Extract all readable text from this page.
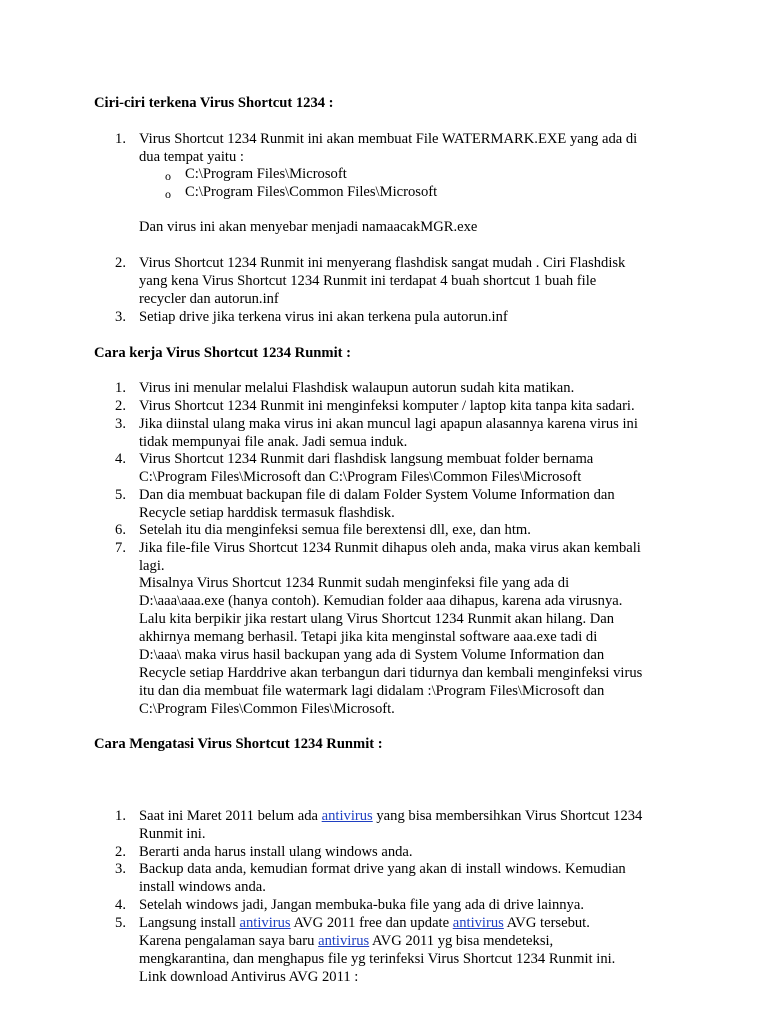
Ciri-ciri terkena Virus Shortcut 1234 :
1. Virus Shortcut 1234 Runmit ini akan membuat File WATERMARK.EXE yang ada di
dua tempat yaitu :
o C:\Program Files\Microsoft
o C:\Program Files\Common Files\Microsoft
Dan virus ini akan menyebar menjadi namaacakMGR.exe
2. Virus Shortcut 1234 Runmit ini menyerang flashdisk sangat mudah . Ciri Flashdisk
yang kena Virus Shortcut 1234 Runmit ini terdapat 4 buah shortcut 1 buah file
recycler dan autorun.inf
3. Setiap drive jika terkena virus ini akan terkena pula autorun.inf
Cara kerja Virus Shortcut 1234 Runmit :
1. Virus ini menular melalui Flashdisk walaupun autorun sudah kita matikan.
2. Virus Shortcut 1234 Runmit ini menginfeksi komputer / laptop kita tanpa kita sadari.
3. Jika diinstal ulang maka virus ini akan muncul lagi apapun alasannya karena virus ini
tidak mempunyai file anak. Jadi semua induk.
4. Virus Shortcut 1234 Runmit dari flashdisk langsung membuat folder bernama
C:\Program Files\Microsoft dan C:\Program Files\Common Files\Microsoft
5. Dan dia membuat backupan file di dalam Folder System Volume Information dan
Recycle setiap harddisk termasuk flashdisk.
6. Setelah itu dia menginfeksi semua file berextensi dll, exe, dan htm.
7. Jika file-file Virus Shortcut 1234 Runmit dihapus oleh anda, maka virus akan kembali
lagi.
Misalnya Virus Shortcut 1234 Runmit sudah menginfeksi file yang ada di
D:\aaa\aaa.exe (hanya contoh). Kemudian folder aaa dihapus, karena ada virusnya.
Lalu kita berpikir jika restart ulang Virus Shortcut 1234 Runmit akan hilang. Dan
akhirnya memang berhasil. Tetapi jika kita menginstal software aaa.exe tadi di
D:\aaa\ maka virus hasil backupan yang ada di System Volume Information dan
Recycle setiap Harddrive akan terbangun dari tidurnya dan kembali menginfeksi virus
itu dan dia membuat file watermark lagi didalam :\Program Files\Microsoft dan
C:\Program Files\Common Files\Microsoft.
Cara Mengatasi Virus Shortcut 1234 Runmit :
1. Saat ini Maret 2011 belum ada antivirus yang bisa membersihkan Virus Shortcut 1234
Runmit ini.
2. Berarti anda harus install ulang windows anda.
3. Backup data anda, kemudian format drive yang akan di install windows. Kemudian
install windows anda.
4. Setelah windows jadi, Jangan membuka-buka file yang ada di drive lainnya.
5. Langsung install antivirus AVG 2011 free dan update antivirus AVG tersebut.
Karena pengalaman saya baru antivirus AVG 2011 yg bisa mendeteksi,
mengkarantina, dan menghapus file yg terinfeksi Virus Shortcut 1234 Runmit ini.
Link download Antivirus AVG 2011 :
